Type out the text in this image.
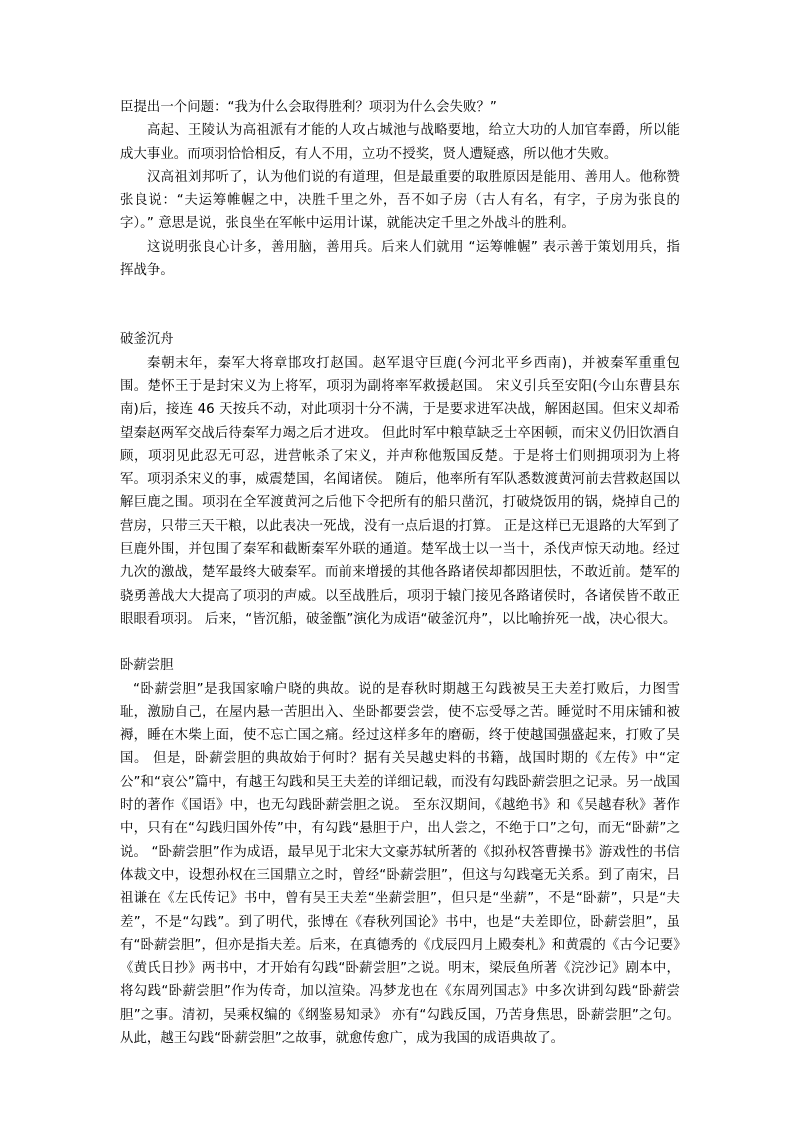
臣提出一个问题：“我为什么会取得胜利？项羽为什么会失败？”

高起、王陵认为高祖派有才能的人攻占城池与战略要地，给立大功的人加官奉爵，所以能成大事业。而项羽恰恰相反，有人不用，立功不授奖，贤人遭疑惑，所以他才失败。

汉高祖刘邦听了，认为他们说的有道理，但是最重要的取胜原因是能用、善用人。他称赞张良说：“夫运筹帷幄之中，决胜千里之外，吾不如子房（古人有名，有字，子房为张良的字）。” 意思是说，张良坐在军帐中运用计谋，就能决定千里之外战斗的胜利。

这说明张良心计多，善用脑，善用兵。后来人们就用 “运筹帷幄” 表示善于策划用兵，指挥战争。

破釜沉舟

秦朝末年，秦军大将章邯攻打赵国。赵军退守巨鹿(今河北平乡西南)，并被秦军重重包围。楚怀王于是封宋义为上将军，项羽为副将率军救援赵国。 宋义引兵至安阳(今山东曹县东南)后，接连 46 天按兵不动，对此项羽十分不满，于是要求进军决战，解困赵国。但宋义却希望秦赵两军交战后待秦军力竭之后才进攻。 但此时军中粮草缺乏士卒困顿，而宋义仍旧饮酒自顾，项羽见此忍无可忍，进营帐杀了宋义，并声称他叛国反楚。于是将士们则拥项羽为上将军。项羽杀宋义的事，威震楚国，名闻诸侯。 随后，他率所有军队悉数渡黄河前去营救赵国以解巨鹿之围。项羽在全军渡黄河之后他下令把所有的船只凿沉，打破烧饭用的锅，烧掉自己的营房，只带三天干粮，以此表决一死战，没有一点后退的打算。 正是这样已无退路的大军到了巨鹿外围，并包围了秦军和截断秦军外联的通道。楚军战士以一当十，杀伐声惊天动地。经过九次的激战，楚军最终大破秦军。而前来增援的其他各路诸侯却都因胆怯，不敢近前。楚军的骁勇善战大大提高了项羽的声威。以至战胜后，项羽于辕门接见各路诸侯时，各诸侯皆不敢正眼眼看项羽。 后来，“皆沉船，破釜甑”演化为成语“破釜沉舟”，以比喻拚死一战，决心很大。

卧薪尝胆

“卧薪尝胆”是我国家喻户晓的典故。说的是春秋时期越王勾践被吴王夫差打败后，力图雪耻，激励自己，在屋内悬一苦胆出入、坐卧都要尝尝，使不忘受辱之苦。睡觉时不用床铺和被褥，睡在木柴上面，使不忘亡国之痛。经过这样多年的磨砺，终于使越国强盛起来，打败了吴国。 但是，卧薪尝胆的典故始于何时？据有关吴越史料的书籍，战国时期的《左传》中“定公”和“哀公”篇中，有越王勾践和吴王夫差的详细记载，而没有勾践卧薪尝胆之记录。另一战国时的著作《国语》中，也无勾践卧薪尝胆之说。 至东汉期间，《越绝书》和《吴越春秋》著作中，只有在“勾践归国外传”中，有勾践“悬胆于户，出人尝之，不绝于口”之句，而无“卧薪”之说。 “卧薪尝胆”作为成语，最早见于北宋大文豪苏轼所著的《拟孙权答曹操书》游戏性的书信体裁文中，设想孙权在三国鼎立之时，曾经“卧薪尝胆”，但这与勾践毫无关系。到了南宋，吕祖谦在《左氏传记》书中，曾有吴王夫差“坐薪尝胆”，但只是“坐薪”，不是“卧薪”，只是“夫差”，不是“勾践”。到了明代，张博在《春秋列国论》书中，也是“夫差即位，卧薪尝胆”，虽有“卧薪尝胆”，但亦是指夫差。后来，在真德秀的《戊辰四月上殿奏札》和黄震的《古今记要》《黄氏日抄》两书中，才开始有勾践“卧薪尝胆”之说。明末，梁辰鱼所著《浣沙记》剧本中，将勾践“卧薪尝胆”作为传奇，加以渲染。冯梦龙也在《东周列国志》中多次讲到勾践“卧薪尝胆”之事。清初，吴乘权编的《纲鉴易知录》 亦有“勾践反国，乃苦身焦思，卧薪尝胆”之句。从此，越王勾践“卧薪尝胆”之故事，就愈传愈广，成为我国的成语典故了。
